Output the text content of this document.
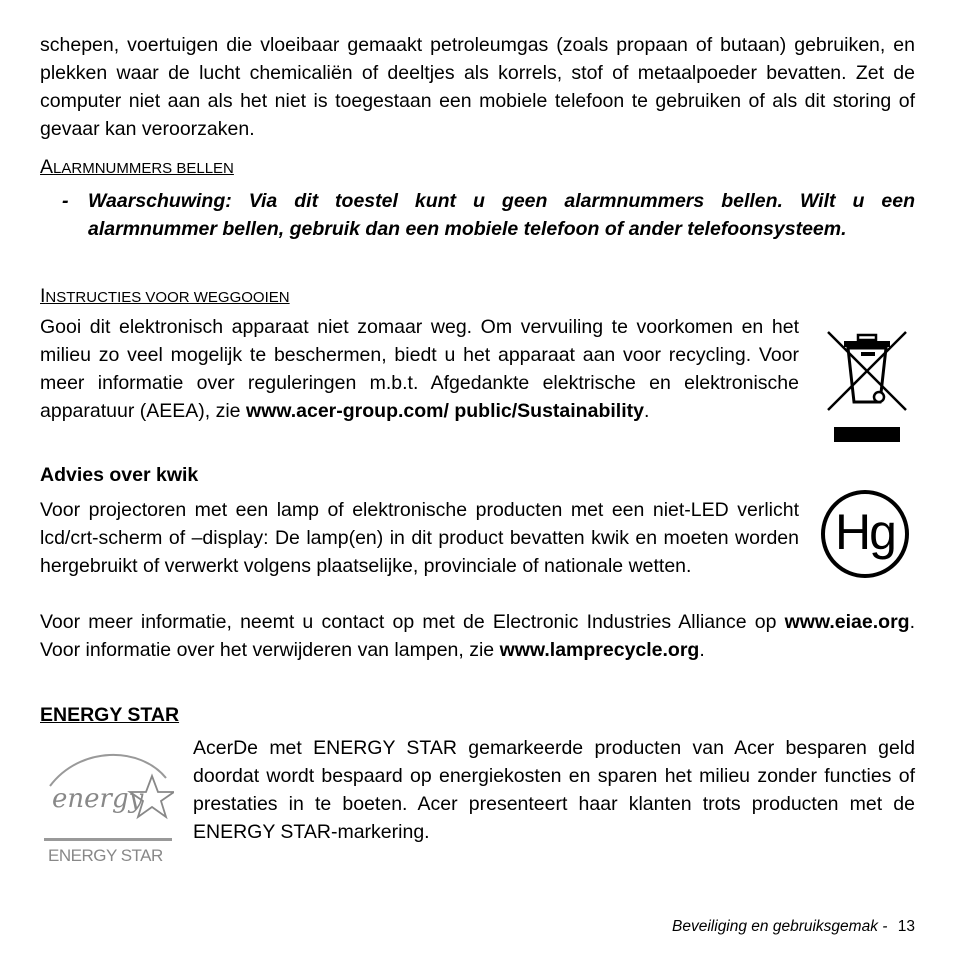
schepen, voertuigen die vloeibaar gemaakt petroleumgas (zoals propaan of butaan) gebruiken, en plekken waar de lucht chemicaliën of deeltjes als korrels, stof of metaalpoeder bevatten. Zet de computer niet aan als het niet is toegestaan een mobiele telefoon te gebruiken of als dit storing of gevaar kan veroorzaken.

ALARMNUMMERS BELLEN
- Waarschuwing: Via dit toestel kunt u geen alarmnummers bellen. Wilt u een alarmnummer bellen, gebruik dan een mobiele telefoon of ander telefoonsysteem.

INSTRUCTIES VOOR WEGGOOIEN

Gooi dit elektronisch apparaat niet zomaar weg. Om vervuiling te voorkomen en het milieu zo veel mogelijk te beschermen, biedt u het apparaat aan voor recycling. Voor meer informatie over reguleringen m.b.t. Afgedankte elektrische en elektronische apparatuur (AEEA), zie www.acer-group.com/ public/Sustainability.

Advies over kwik

Voor projectoren met een lamp of elektronische producten met een niet-LED verlicht lcd/crt-scherm of –display: De lamp(en) in dit product bevatten kwik en moeten worden hergebruikt of verwerkt volgens plaatselijke, provinciale of nationale wetten.

Hg

Voor meer informatie, neemt u contact op met de Electronic Industries Alliance op www.eiae.org. Voor informatie over het verwijderen van lampen, zie www.lamprecycle.org.

ENERGY STAR

energy
ENERGY STAR

AcerDe met ENERGY STAR gemarkeerde producten van Acer besparen geld doordat wordt bespaard op energiekosten en sparen het milieu zonder functies of prestaties in te boeten. Acer presenteert haar klanten trots producten met de ENERGY STAR-markering.

Beveiliging en gebruiksgemak - 13
